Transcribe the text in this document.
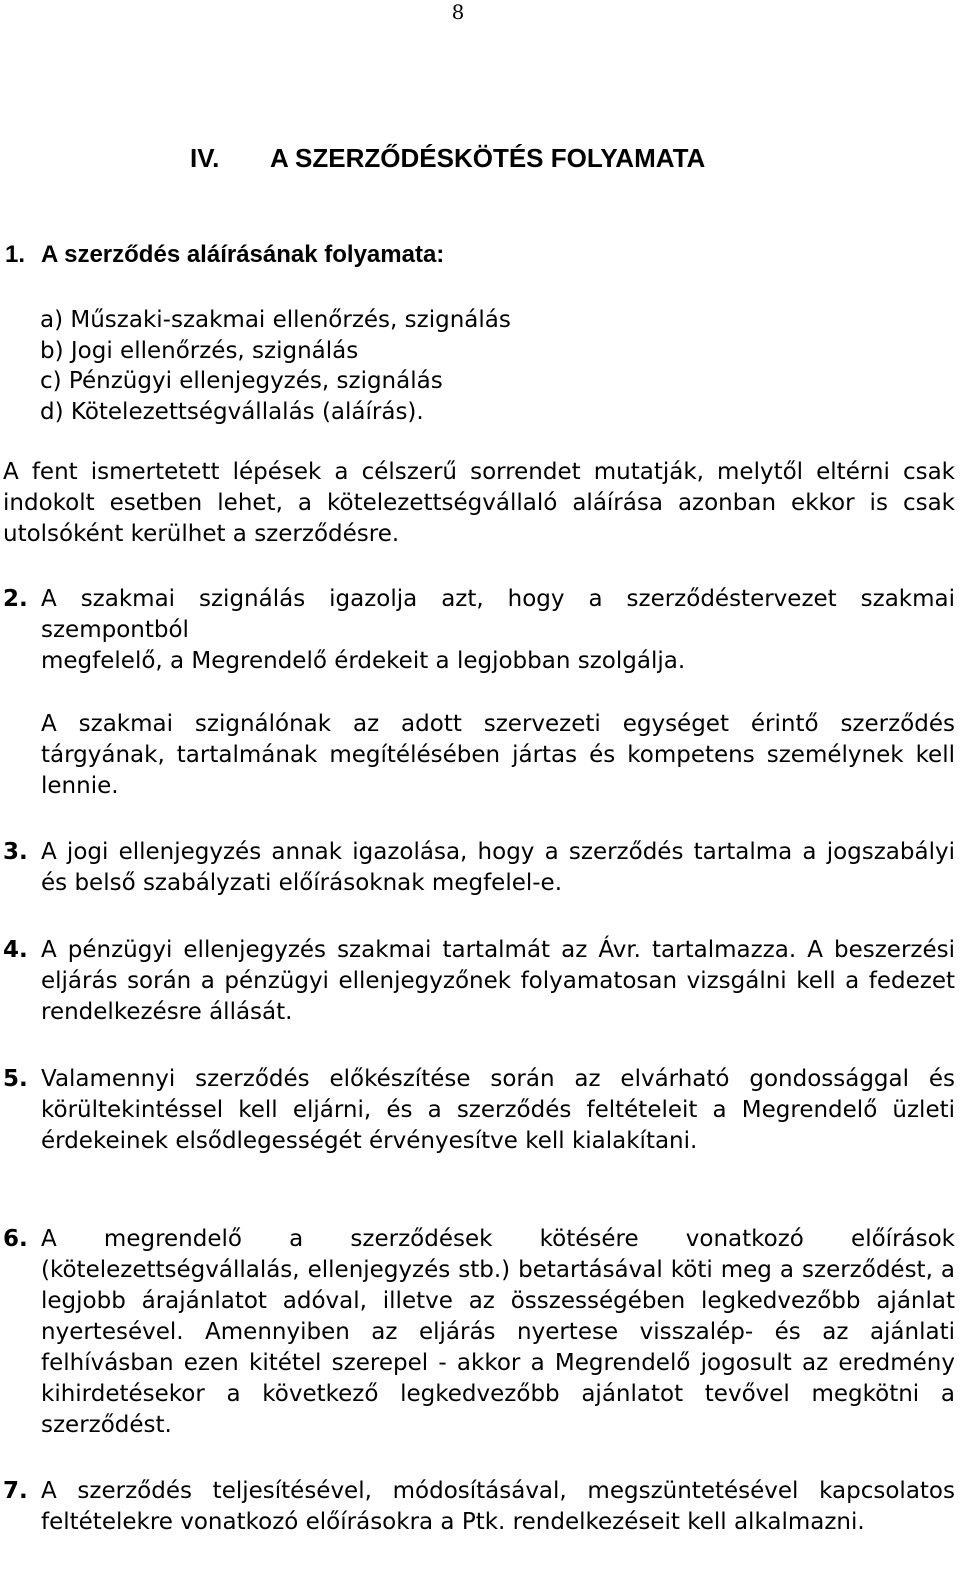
8
IV. A SZERZŐDÉSKÖTÉS FOLYAMATA
1. A szerződés aláírásának folyamata:
a) Műszaki-szakmai ellenőrzés, szignálás
b) Jogi ellenőrzés, szignálás
c) Pénzügyi ellenjegyzés, szignálás
d) Kötelezettségvállalás (aláírás).

A fent ismertetett lépések a célszerű sorrendet mutatják, melytől eltérni csak indokolt esetben lehet, a kötelezettségvállaló aláírása azonban ekkor is csak utolsóként kerülhet a szerződésre.

2. A szakmai szignálás igazolja azt, hogy a szerződéstervezet szakmai szempontból
megfelelő, a Megrendelő érdekeit a legjobban szolgálja.

A szakmai szignálónak az adott szervezeti egységet érintő szerződés tárgyának, tartalmának megítélésében jártas és kompetens személynek kell lennie.

3. A jogi ellenjegyzés annak igazolása, hogy a szerződés tartalma a jogszabályi és belső szabályzati előírásoknak megfelel-e.
4. A pénzügyi ellenjegyzés szakmai tartalmát az Ávr. tartalmazza. A beszerzési eljárás során a pénzügyi ellenjegyzőnek folyamatosan vizsgálni kell a fedezet rendelkezésre állását.
5. Valamennyi szerződés előkészítése során az elvárható gondossággal és körültekintéssel kell eljárni, és a szerződés feltételeit a Megrendelő üzleti érdekeinek elsődlegességét érvényesítve kell kialakítani.
6. A megrendelő a szerződések kötésére vonatkozó előírások (kötelezettségvállalás, ellenjegyzés stb.) betartásával köti meg a szerződést, a legjobb árajánlatot adóval, illetve az összességében legkedvezőbb ajánlat nyertesével. Amennyiben az eljárás nyertese visszalép- és az ajánlati felhívásban ezen kitétel szerepel - akkor a Megrendelő jogosult az eredmény kihirdetésekor a következő legkedvezőbb ajánlatot tevővel megkötni a szerződést.
7. A szerződés teljesítésével, módosításával, megszüntetésével kapcsolatos feltételekre vonatkozó előírásokra a Ptk. rendelkezéseit kell alkalmazni.
